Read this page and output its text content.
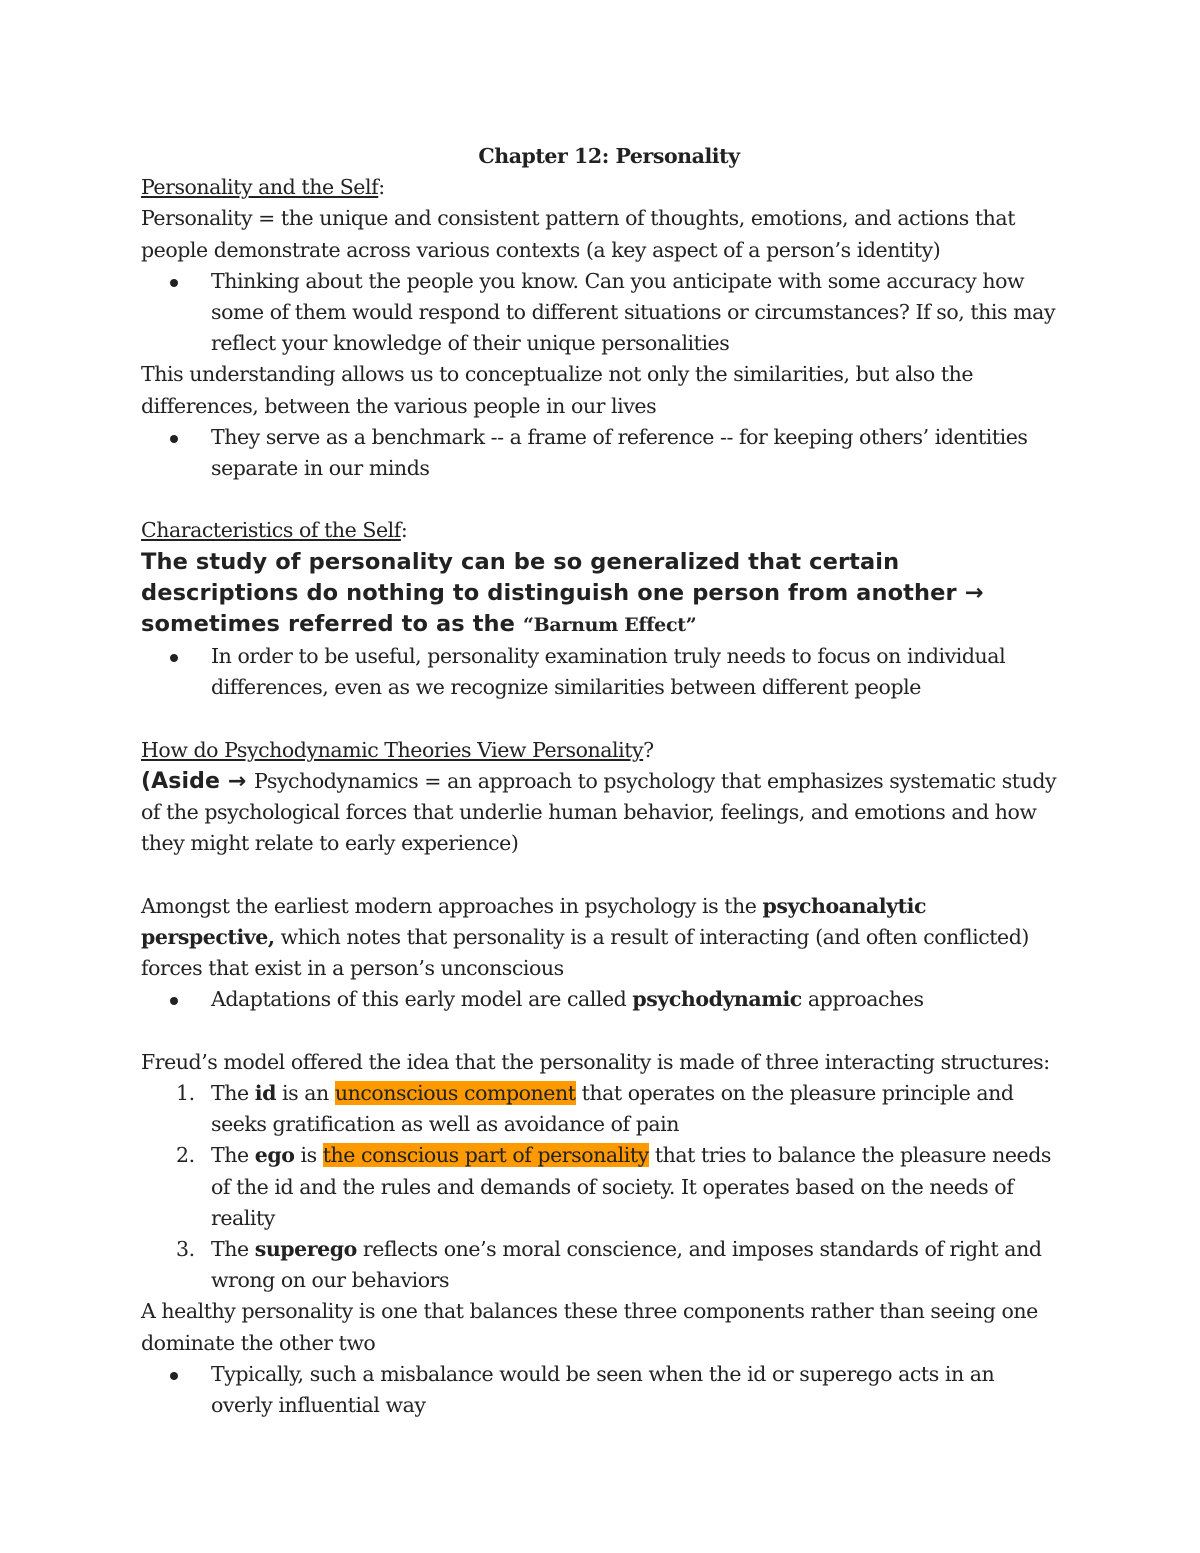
Chapter 12: Personality

Personality and the Self:

Personality = the unique and consistent pattern of thoughts, emotions, and actions that people demonstrate across various contexts (a key aspect of a person’s identity)

Thinking about the people you know. Can you anticipate with some accuracy how some of them would respond to different situations or circumstances? If so, this may reflect your knowledge of their unique personalities

This understanding allows us to conceptualize not only the similarities, but also the differences, between the various people in our lives

They serve as a benchmark -- a frame of reference -- for keeping others’ identities separate in our minds

Characteristics of the Self:

The study of personality can be so generalized that certain descriptions do nothing to distinguish one person from another → sometimes referred to as the “Barnum Effect”

In order to be useful, personality examination truly needs to focus on individual differences, even as we recognize similarities between different people

How do Psychodynamic Theories View Personality?

(Aside → Psychodynamics = an approach to psychology that emphasizes systematic study of the psychological forces that underlie human behavior, feelings, and emotions and how they might relate to early experience)

Amongst the earliest modern approaches in psychology is the psychoanalytic perspective, which notes that personality is a result of interacting (and often conflicted) forces that exist in a person’s unconscious

Adaptations of this early model are called psychodynamic approaches

Freud’s model offered the idea that the personality is made of three interacting structures:

1. The id is an unconscious component that operates on the pleasure principle and seeks gratification as well as avoidance of pain
2. The ego is the conscious part of personality that tries to balance the pleasure needs of the id and the rules and demands of society. It operates based on the needs of reality
3. The superego reflects one’s moral conscience, and imposes standards of right and wrong on our behaviors

A healthy personality is one that balances these three components rather than seeing one dominate the other two

Typically, such a misbalance would be seen when the id or superego acts in an overly influential way
